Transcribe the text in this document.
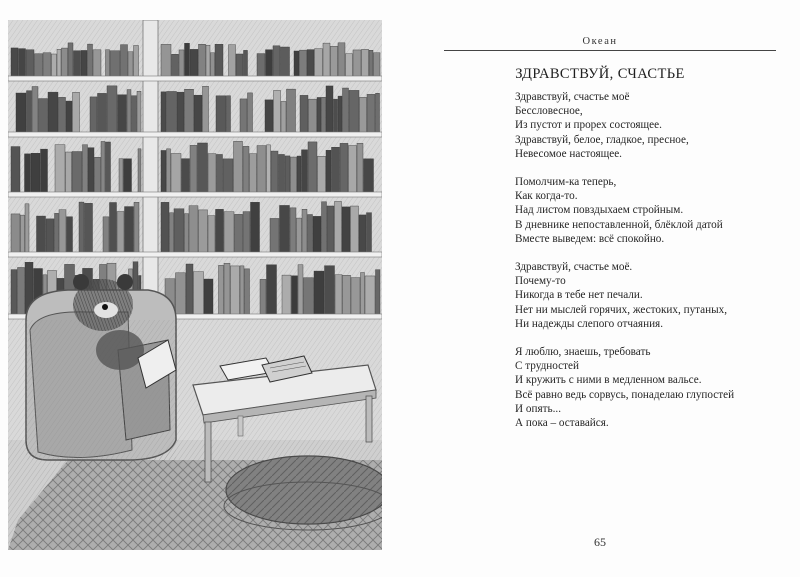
Океан
ЗДРАВСТВУЙ, СЧАСТЬЕ
Здравствуй, счастье моё
Бессловесное,
Из пустот и прорех состоящее.
Здравствуй, белое, гладкое, пресное,
Невесомое настоящее.
Помолчим-ка теперь,
Как когда-то.
Над листом повздыхаем стройным.
В дневнике непоставленной, блёклой датой
Вместе выведем: всё спокойно.
Здравствуй, счастье моё.
Почему-то
Никогда в тебе нет печали.
Нет ни мыслей горячих, жестоких, путаных,
Ни надежды слепого отчаяния.
Я люблю, знаешь, требовать
С трудностей
И кружить с ними в медленном вальсе.
Всё равно ведь сорвусь, понаделаю глупостей
И опять...
А пока – оставайся.
65
